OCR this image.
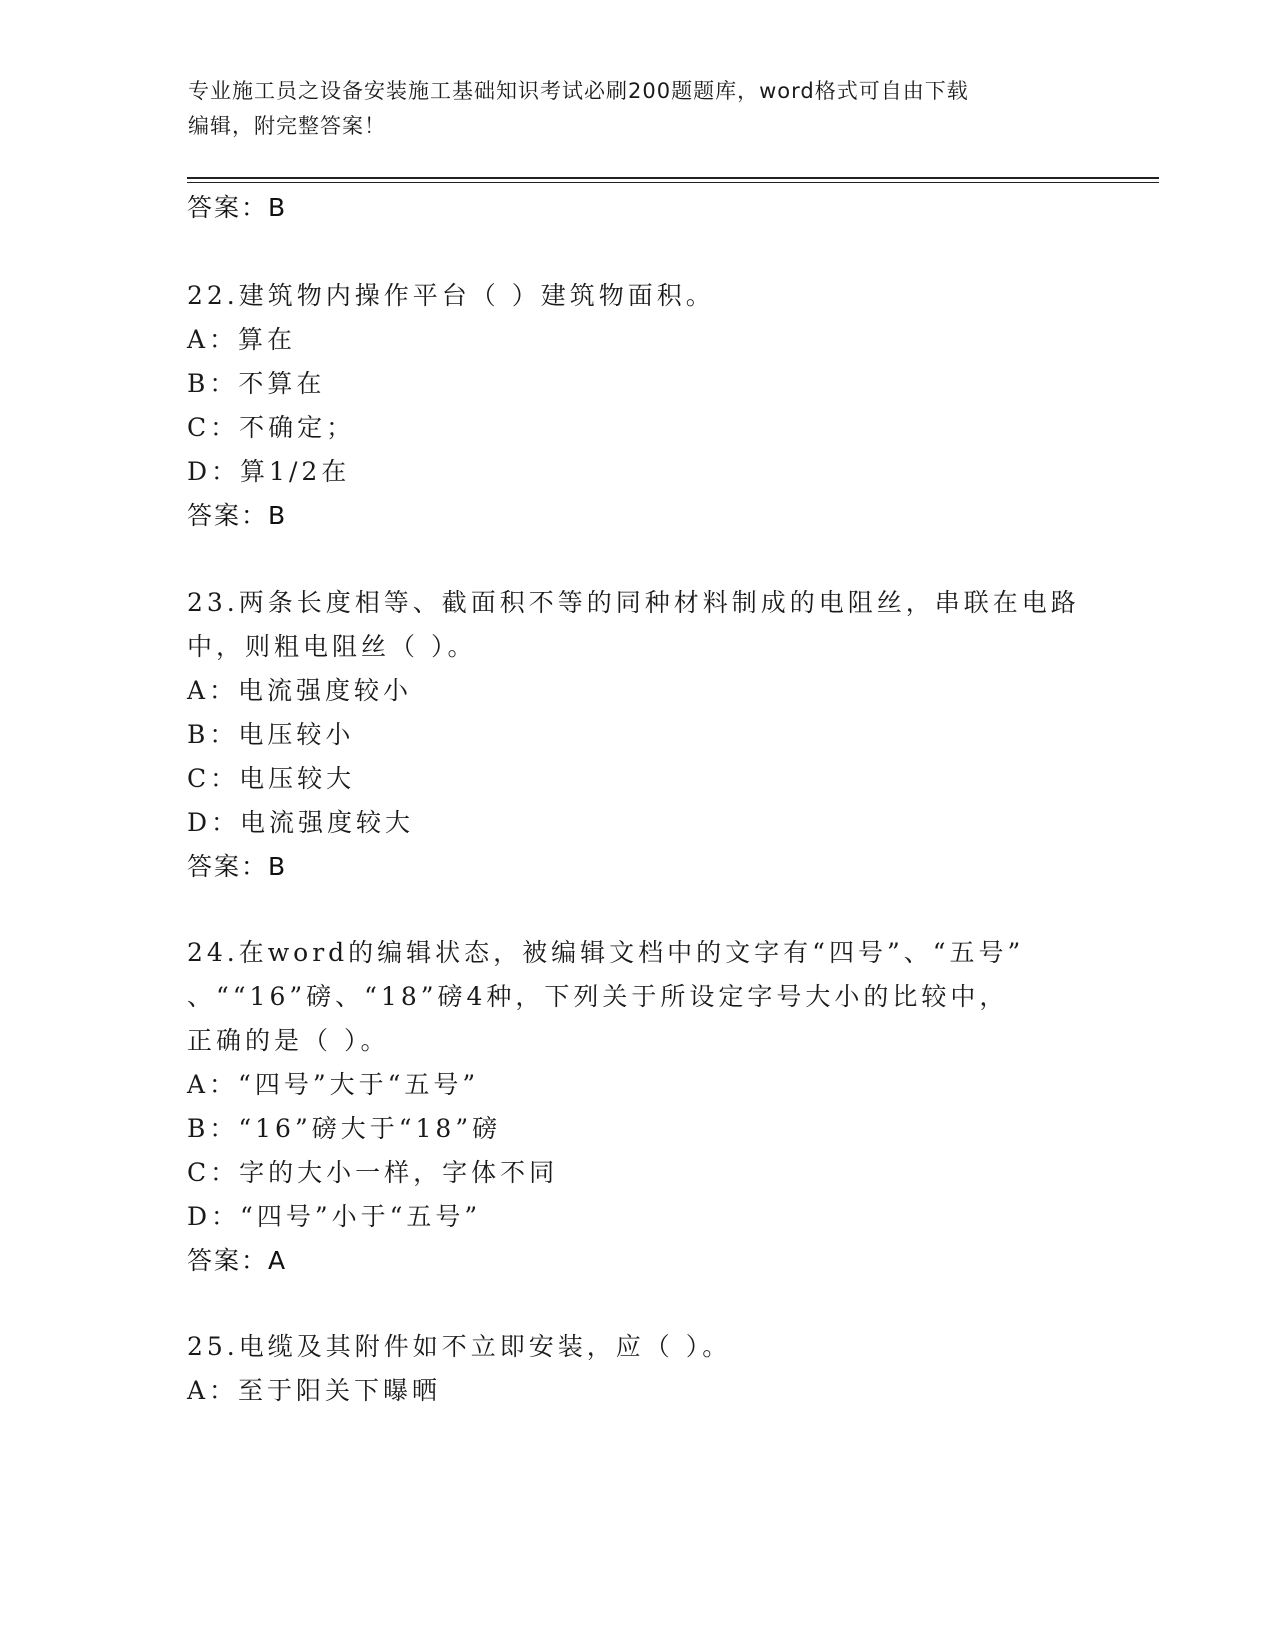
专业施工员之设备安装施工基础知识考试必刷200题题库，word格式可自由下载
编辑，附完整答案！
答案：B
22.建筑物内操作平台（ ）建筑物面积。
A：算在
B：不算在
C：不确定；
D：算1/2在
答案：B
23.两条长度相等、截面积不等的同种材料制成的电阻丝，串联在电路
中，则粗电阻丝（ ）。
A：电流强度较小
B：电压较小
C：电压较大
D：电流强度较大
答案：B
24.在word的编辑状态，被编辑文档中的文字有“四号”、“五号”
、““16”磅、“18”磅4种，下列关于所设定字号大小的比较中，
正确的是（ ）。
A：“四号”大于“五号”
B：“16”磅大于“18”磅
C：字的大小一样，字体不同
D：“四号”小于“五号”
答案：A
25.电缆及其附件如不立即安装，应（ ）。
A：至于阳关下曝晒
